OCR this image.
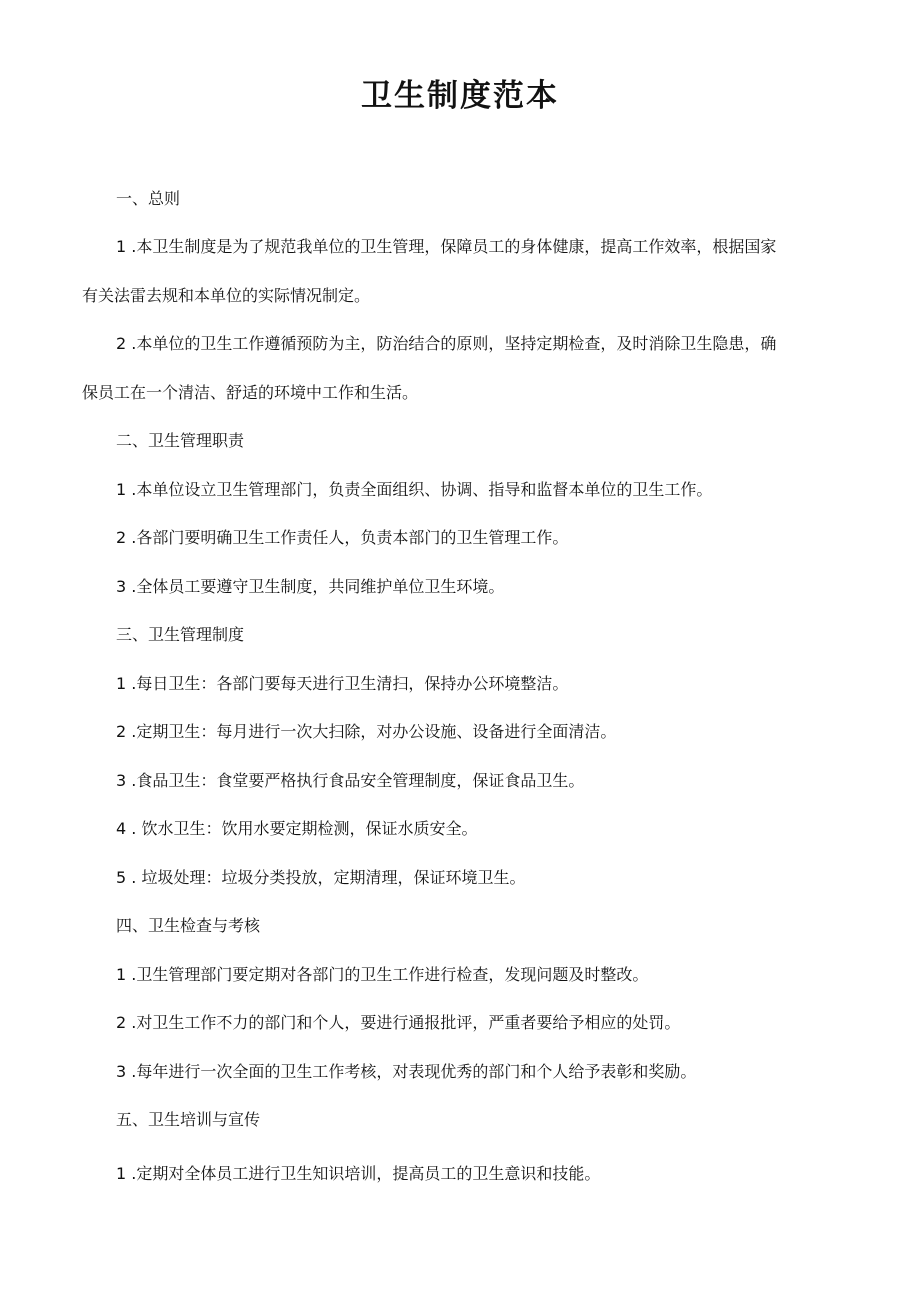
卫生制度范本
一、总则
1 .本卫生制度是为了规范我单位的卫生管理，保障员工的身体健康，提高工作效率，根据国家
有关法雷去规和本单位的实际情况制定。
2 .本单位的卫生工作遵循预防为主，防治结合的原则，坚持定期检查，及时消除卫生隐患，确
保员工在一个清洁、舒适的环境中工作和生活。
二、卫生管理职责
1 .本单位设立卫生管理部门，负责全面组织、协调、指导和监督本单位的卫生工作。
2 .各部门要明确卫生工作责任人，负责本部门的卫生管理工作。
3 .全体员工要遵守卫生制度，共同维护单位卫生环境。
三、卫生管理制度
1 .每日卫生：各部门要每天进行卫生清扫，保持办公环境整洁。
2 .定期卫生：每月进行一次大扫除，对办公设施、设备进行全面清洁。
3 .食品卫生：食堂要严格执行食品安全管理制度，保证食品卫生。
4 . 饮水卫生：饮用水要定期检测，保证水质安全。
5 . 垃圾处理：垃圾分类投放，定期清理，保证环境卫生。
四、卫生检查与考核
1 .卫生管理部门要定期对各部门的卫生工作进行检查，发现问题及时整改。
2 .对卫生工作不力的部门和个人，要进行通报批评，严重者要给予相应的处罚。
3 .每年进行一次全面的卫生工作考核，对表现优秀的部门和个人给予表彰和奖励。
五、卫生培训与宣传
1 .定期对全体员工进行卫生知识培训，提高员工的卫生意识和技能。
